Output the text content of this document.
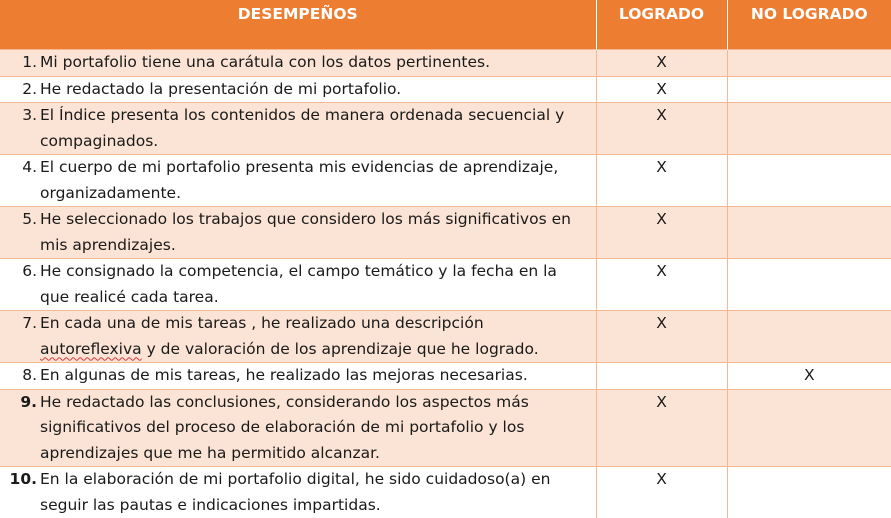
DESEMPEÑOS	LOGRADO	NO LOGRADO

1. Mi portafolio tiene una carátula con los datos pertinentes.	X	

2. He redactado la presentación de mi portafolio.	X	

3. El Índice presenta los contenidos de manera ordenada secuencial y compaginados.	X	

4. El cuerpo de mi portafolio presenta mis evidencias de aprendizaje, organizadamente.	X	

5. He seleccionado los trabajos que considero los más significativos en mis aprendizajes.	X	

6. He consignado la competencia, el campo temático y la fecha en la que realicé cada tarea.	X	

7. En cada una de mis tareas , he realizado una descripción autoreflexiva y de valoración de los aprendizaje que he logrado.	X	

8. En algunas de mis tareas, he realizado las mejoras necesarias.		X

9. He redactado las conclusiones, considerando los aspectos más significativos del proceso de elaboración de mi portafolio y los aprendizajes que me ha permitido alcanzar.	X	

10. En la elaboración de mi portafolio digital, he sido cuidadoso(a) en seguir las pautas e indicaciones impartidas.	X	
